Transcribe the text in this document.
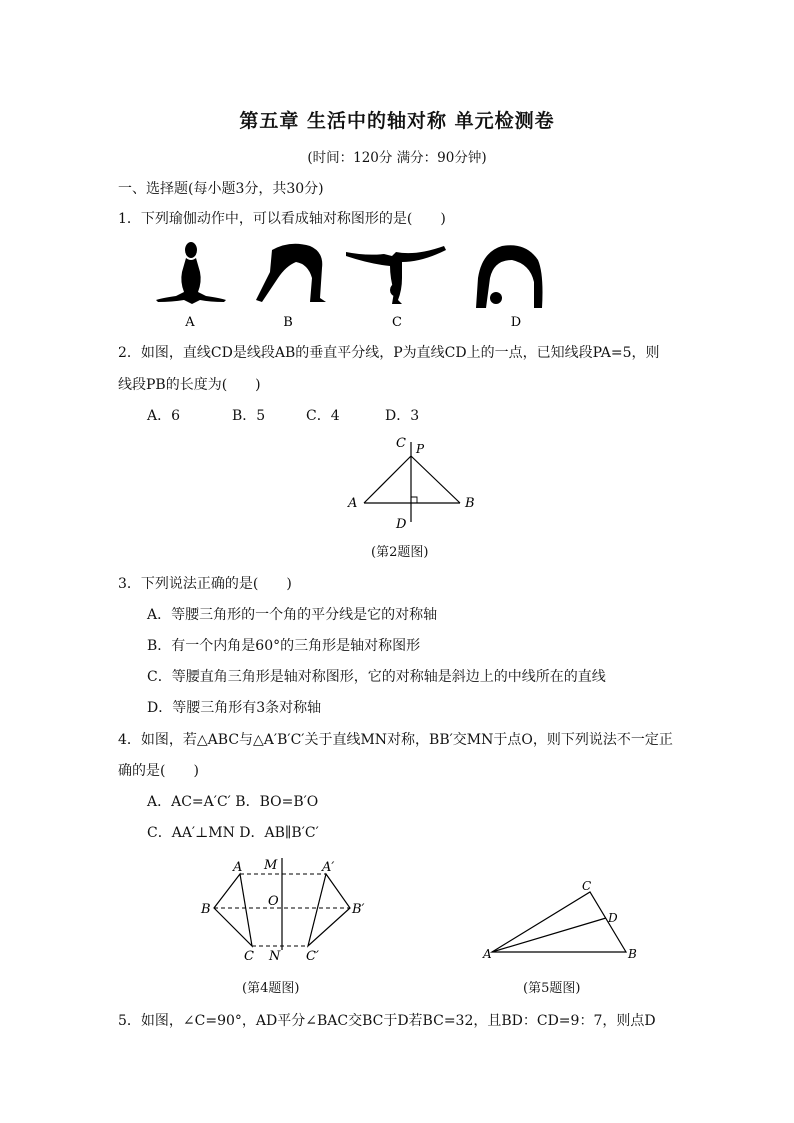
第五章 生活中的轴对称 单元检测卷
(时间：120分 满分：90分钟)
一、选择题(每小题3分，共30分)
1．下列瑜伽动作中，可以看成轴对称图形的是(　　)
A	B	C	D
2．如图，直线CD是线段AB的垂直平分线，P为直线CD上的一点，已知线段PA=5，则
线段PB的长度为(　　)
A．6	B．5	C．4	D．3
C P
A	B
D
(第2题图)
3．下列说法正确的是(　　)
A．等腰三角形的一个角的平分线是它的对称轴
B．有一个内角是60°的三角形是轴对称图形
C．等腰直角三角形是轴对称图形，它的对称轴是斜边上的中线所在的直线
D．等腰三角形有3条对称轴
4．如图，若△ABC与△A′B′C′关于直线MN对称，BB′交MN于点O，则下列说法不一定正
确的是(　　)
A．AC=A′C′ B．BO=B′O
C．AA′⊥MN D．AB∥B′C′
A M	A′
B
O
B′
C N C′
(第4题图)
C
D
A	B
(第5题图)
5．如图，∠C=90°，AD平分∠BAC交BC于D若BC=32，且BD：CD=9：7，则点D
